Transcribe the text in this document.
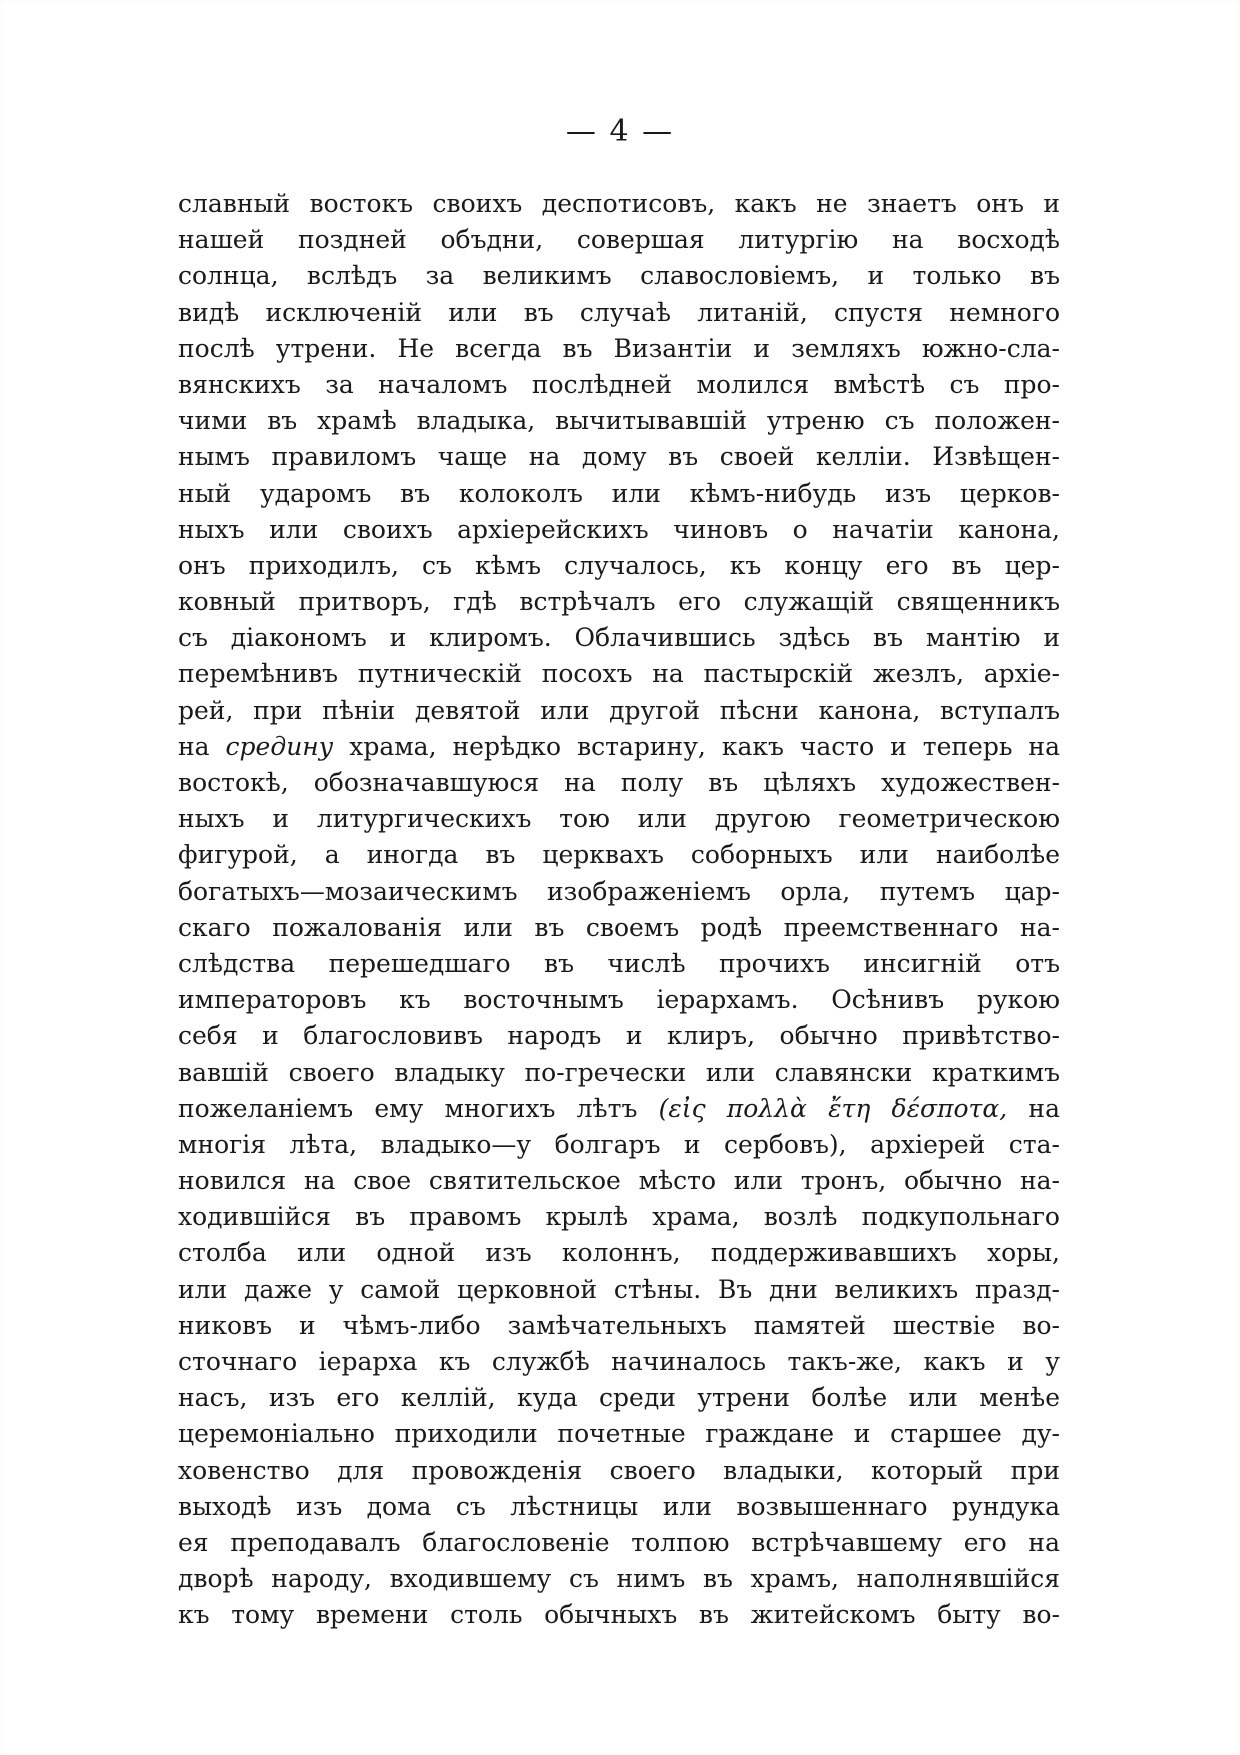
— 4 —
славный востокъ своихъ деспотисовъ, какъ не знаетъ онъ и
нашей поздней объдни, совершая литургію на восходѣ
солнца, вслѣдъ за великимъ славословіемъ, и только въ
видѣ исключеній или въ случаѣ литаній, спустя немного
послѣ утрени. Не всегда въ Византіи и земляхъ южно-сла-
вянскихъ за началомъ послѣдней молился вмѣстѣ съ про-
чими въ храмѣ владыка, вычитывавшій утреню съ положен-
нымъ правиломъ чаще на дому въ своей келліи. Извѣщен-
ный ударомъ въ колоколъ или кѣмъ-нибудь изъ церков-
ныхъ или своихъ архіерейскихъ чиновъ о начатіи канона,
онъ приходилъ, съ кѣмъ случалось, къ концу его въ цер-
ковный притворъ, гдѣ встрѣчалъ его служащій священникъ
съ діакономъ и клиромъ. Облачившись здѣсь въ мантію и
перемѣнивъ путническій посохъ на пастырскій жезлъ, архіе-
рей, при пѣніи девятой или другой пѣсни канона, вступалъ
на средину храма, нерѣдко встарину, какъ часто и теперь на
востокѣ, обозначавшуюся на полу въ цѣляхъ художествен-
ныхъ и литургическихъ тою или другою геометрическою
фигурой, а иногда въ церквахъ соборныхъ или наиболѣе
богатыхъ—мозаическимъ изображеніемъ орла, путемъ цар-
скаго пожалованія или въ своемъ родѣ преемственнаго на-
слѣдства перешедшаго въ числѣ прочихъ инсигній отъ
императоровъ къ восточнымъ іерархамъ. Осѣнивъ рукою
себя и благословивъ народъ и клиръ, обычно привѣтство-
вавшій своего владыку по-гречески или славянски краткимъ
пожеланіемъ ему многихъ лѣтъ (εἰς πολλὰ ἔτη δέσποτα, на
многія лѣта, владыко—у болгаръ и сербовъ), архіерей ста-
новился на свое святительское мѣсто или тронъ, обычно на-
ходившійся въ правомъ крылѣ храма, возлѣ подкупольнаго
столба или одной изъ колоннъ, поддерживавшихъ хоры,
или даже у самой церковной стѣны. Въ дни великихъ празд-
никовъ и чѣмъ-либо замѣчательныхъ памятей шествіе во-
сточнаго іерарха къ службѣ начиналось такъ-же, какъ и у
насъ, изъ его келлій, куда среди утрени болѣе или менѣе
церемоніально приходили почетные граждане и старшее ду-
ховенство для провожденія своего владыки, который при
выходѣ изъ дома съ лѣстницы или возвышеннаго рундука
ея преподавалъ благословеніе толпою встрѣчавшему его на
дворѣ народу, входившему съ нимъ въ храмъ, наполнявшійся
къ тому времени столь обычныхъ въ житейскомъ быту во-
